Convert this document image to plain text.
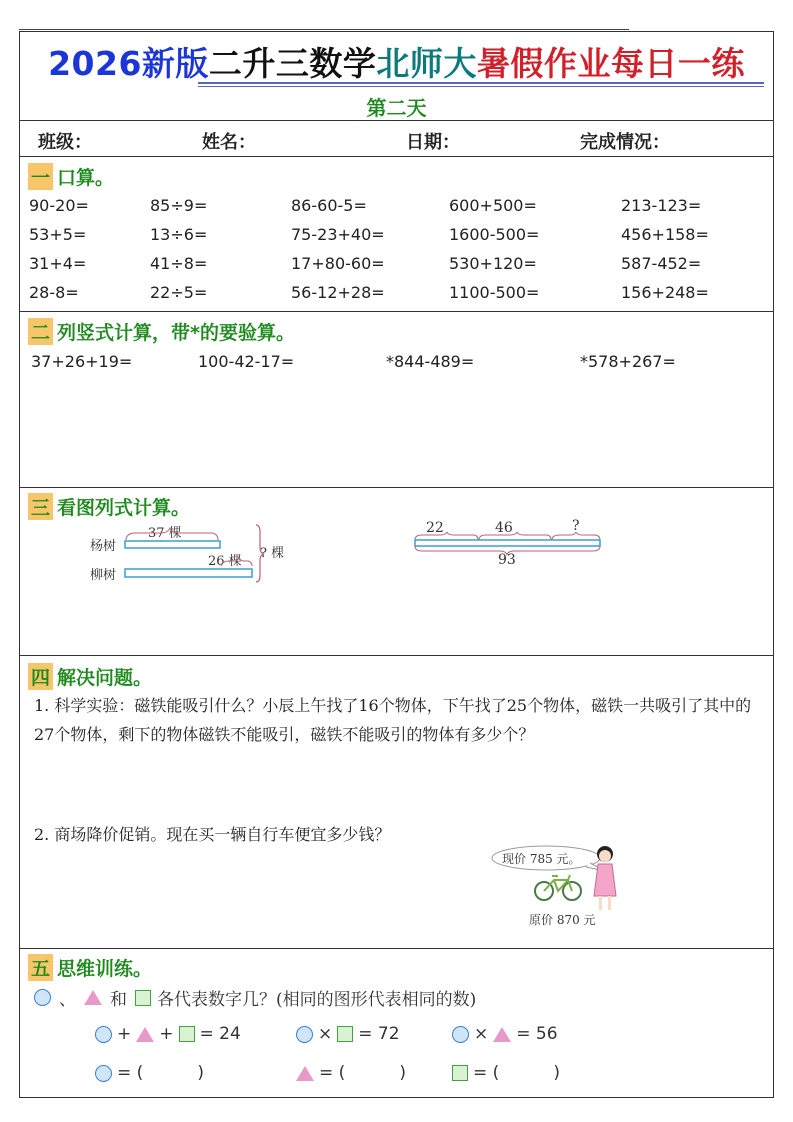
2026新版二升三数学北师大暑假作业每日一练
第二天
班级：	姓名：	日期：	完成情况：
一 口算。
90-20=	85÷9=	86-60-5=	600+500=	213-123=
53+5=	13÷6=	75-23+40=	1600-500=	456+158=
31+4=	41÷8=	17+80-60=	530+120=	587-452=
28-8=	22÷5=	56-12+28=	1100-500=	156+248=
二 列竖式计算，带*的要验算。
37+26+19=	100-42-17=	*844-489=	*578+267=
三 看图列式计算。
杨树
柳树
37 棵
26 棵
? 棵
22	46	?
93
四 解决问题。
1. 科学实验：磁铁能吸引什么？小辰上午找了16个物体，下午找了25个物体，磁铁一共吸引了其中的27个物体，剩下的物体磁铁不能吸引，磁铁不能吸引的物体有多少个？
2. 商场降价促销。现在买一辆自行车便宜多少钱？
现价 785 元。
原价 870 元
五 思维训练。
、 和 各代表数字几？(相同的图形代表相同的数)
+ + = 24	× = 72	× = 56
= (          )	= (          )	= (          )
